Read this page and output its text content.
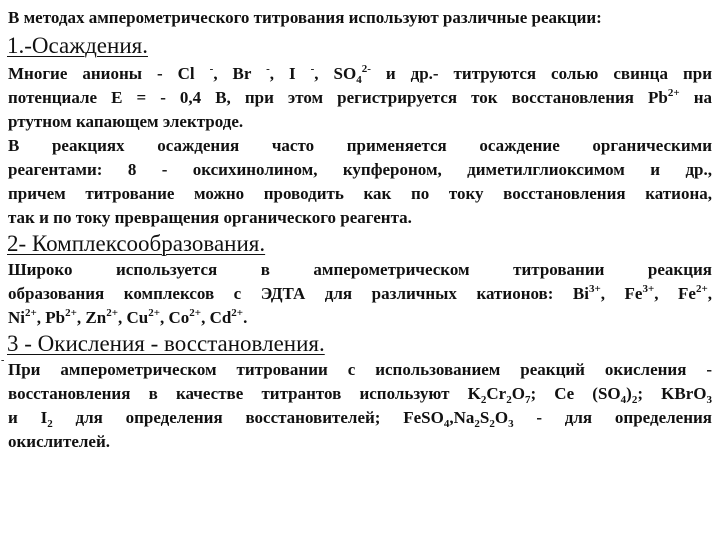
В методах амперометрического титрования используют различные реакции:
1.-Осаждения.
Многие анионы - Cl -, Br -, I -, $SO_4^{2-}$ и др.- титруются солью свинца при
потенциале Е = - 0,4 В, при этом регистрируется ток восстановления $Pb^{2+}$ на
ртутном капающем электроде.
В реакциях осаждения часто применяется осаждение органическими
реагентами: 8 - оксихинолином, купфероном, диметилглиоксимом и др.,
причем титрование можно проводить как по току восстановления катиона,
так и по току превращения органического реагента.
2- Комплексообразования.
Широко используется в амперометрическом титровании реакция
образования комплексов с ЭДТА для различных катионов: $Bi^{3+}$, $Fe^{3+}$, $Fe^{2+}$,
$Ni^{2+}$, $Pb^{2+}$, $Zn^{2+}$, $Cu^{2+}$, $Co^{2+}$, $Cd^{2+}$.
3 - Окисления - восстановления.
- При амперометрическом титровании с использованием реакций окисления -
восстановления в качестве титрантов используют $K_2Cr_2O_7$; Ce $(SO_4)_2$; KBrO$_3$
и $I_2$ для определения восстановителей; $FeSO_4,Na_2S_2O_3$ - для определения
окислителей.
